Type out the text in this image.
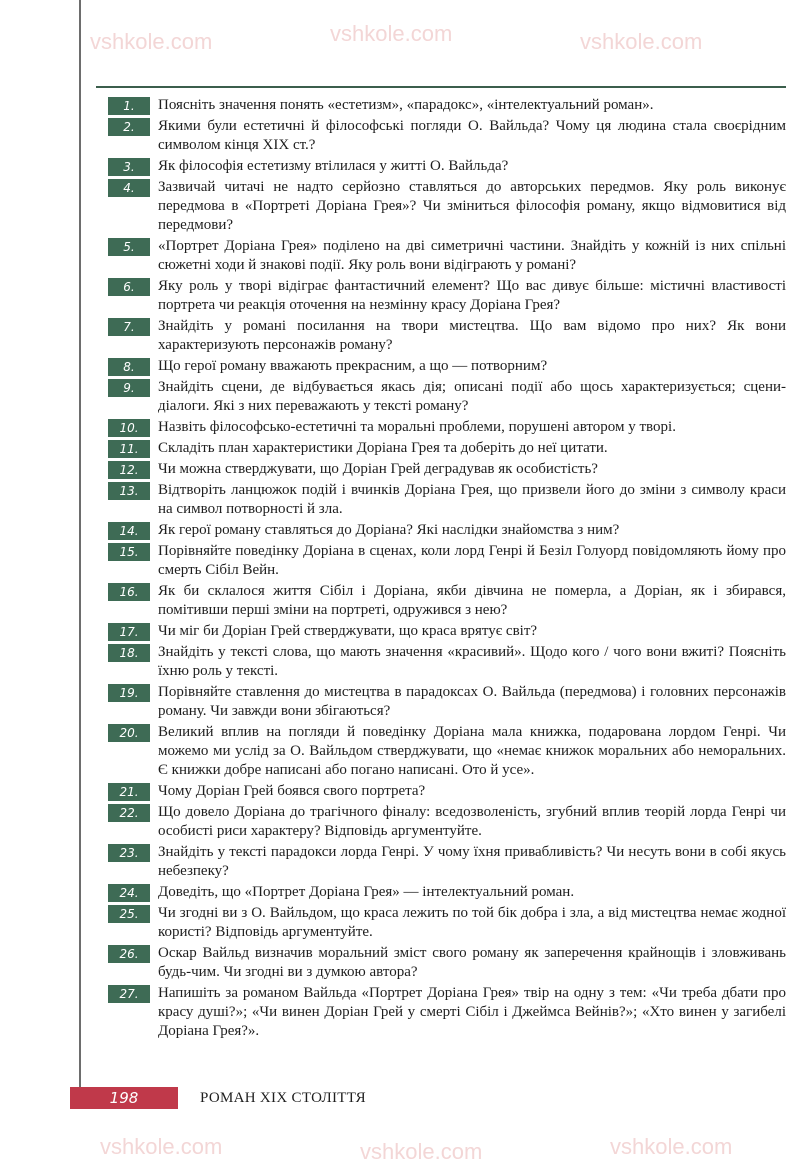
vshkole.com	vshkole.com	vshkole.com
vshkole.com	vshkole.com	vshkole.com
1.	Поясніть значення понять «естетизм», «парадокс», «інтелектуальний роман».
2.	Якими були естетичні й філософські погляди О. Вайльда? Чому ця людина стала своєрідним символом кінця XIX ст.?
3.	Як філософія естетизму втілилася у житті О. Вайльда?
4.	Зазвичай читачі не надто серйозно ставляться до авторських передмов. Яку роль виконує передмова в «Портреті Доріана Грея»? Чи зміниться філософія роману, якщо відмовитися від передмови?
5.	«Портрет Доріана Грея» поділено на дві симетричні частини. Знайдіть у кожній із них спільні сюжетні ходи й знакові події. Яку роль вони відіграють у романі?
6.	Яку роль у творі відіграє фантастичний елемент? Що вас дивує більше: містичні властивості портрета чи реакція оточення на незмінну красу Доріана Грея?
7.	Знайдіть у романі посилання на твори мистецтва. Що вам відомо про них? Як вони характеризують персонажів роману?
8.	Що герої роману вважають прекрасним, а що — потворним?
9.	Знайдіть сцени, де відбувається якась дія; описані події або щось характеризується; сцени-діалоги. Які з них переважають у тексті роману?
10.	Назвіть філософсько-естетичні та моральні проблеми, порушені автором у творі.
11.	Складіть план характеристики Доріана Грея та доберіть до неї цитати.
12.	Чи можна стверджувати, що Доріан Грей деградував як особистість?
13.	Відтворіть ланцюжок подій і вчинків Доріана Грея, що призвели його до зміни з символу краси на символ потворності й зла.
14.	Як герої роману ставляться до Доріана? Які наслідки знайомства з ним?
15.	Порівняйте поведінку Доріана в сценах, коли лорд Генрі й Безіл Голуорд повідомляють йому про смерть Сібіл Вейн.
16.	Як би склалося життя Сібіл і Доріана, якби дівчина не померла, а Доріан, як і збирався, помітивши перші зміни на портреті, одружився з нею?
17.	Чи міг би Доріан Грей стверджувати, що краса врятує світ?
18.	Знайдіть у тексті слова, що мають значення «красивий». Щодо кого / чого вони вжиті? Поясніть їхню роль у тексті.
19.	Порівняйте ставлення до мистецтва в парадоксах О. Вайльда (передмова) і головних персонажів роману. Чи завжди вони збігаються?
20.	Великий вплив на погляди й поведінку Доріана мала книжка, подарована лордом Генрі. Чи можемо ми услід за О. Вайльдом стверджувати, що «немає книжок моральних або неморальних. Є книжки добре написані або погано написані. Ото й усе».
21.	Чому Доріан Грей боявся свого портрета?
22.	Що довело Доріана до трагічного фіналу: вседозволеність, згубний вплив теорій лорда Генрі чи особисті риси характеру? Відповідь аргументуйте.
23.	Знайдіть у тексті парадокси лорда Генрі. У чому їхня привабливість? Чи несуть вони в собі якусь небезпеку?
24.	Доведіть, що «Портрет Доріана Грея» — інтелектуальний роман.
25.	Чи згодні ви з О. Вайльдом, що краса лежить по той бік добра і зла, а від мистецтва немає жодної користі? Відповідь аргументуйте.
26.	Оскар Вайльд визначив моральний зміст свого роману як заперечення крайнощів і зловживань будь-чим. Чи згодні ви з думкою автора?
27.	Напишіть за романом Вайльда «Портрет Доріана Грея» твір на одну з тем: «Чи треба дбати про красу душі?»; «Чи винен Доріан Грей у смерті Сібіл і Джеймса Вейнів?»; «Хто винен у загибелі Доріана Грея?».
198	РОМАН XIX СТОЛІТТЯ
